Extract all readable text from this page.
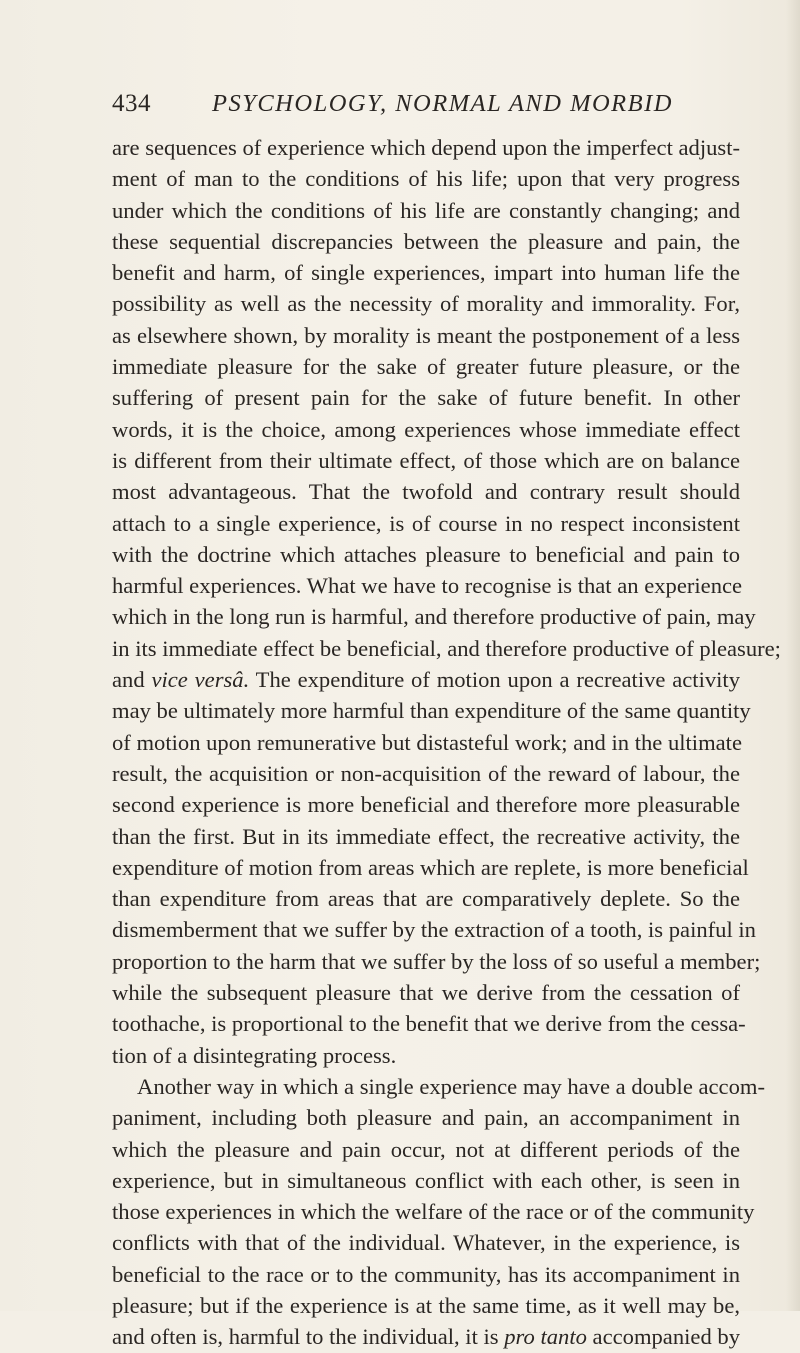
434 PSYCHOLOGY, NORMAL AND MORBID
are sequences of experience which depend upon the imperfect adjust-
ment of man to the conditions of his life; upon that very progress
under which the conditions of his life are constantly changing; and
these sequential discrepancies between the pleasure and pain, the
benefit and harm, of single experiences, impart into human life the
possibility as well as the necessity of morality and immorality. For,
as elsewhere shown, by morality is meant the postponement of a less
immediate pleasure for the sake of greater future pleasure, or the
suffering of present pain for the sake of future benefit. In other
words, it is the choice, among experiences whose immediate effect
is different from their ultimate effect, of those which are on balance
most advantageous. That the twofold and contrary result should
attach to a single experience, is of course in no respect inconsistent
with the doctrine which attaches pleasure to beneficial and pain to
harmful experiences. What we have to recognise is that an experience
which in the long run is harmful, and therefore productive of pain, may
in its immediate effect be beneficial, and therefore productive of pleasure;
and vice versâ. The expenditure of motion upon a recreative activity
may be ultimately more harmful than expenditure of the same quantity
of motion upon remunerative but distasteful work; and in the ultimate
result, the acquisition or non-acquisition of the reward of labour, the
second experience is more beneficial and therefore more pleasurable
than the first. But in its immediate effect, the recreative activity, the
expenditure of motion from areas which are replete, is more beneficial
than expenditure from areas that are comparatively deplete. So the
dismemberment that we suffer by the extraction of a tooth, is painful in
proportion to the harm that we suffer by the loss of so useful a member;
while the subsequent pleasure that we derive from the cessation of
toothache, is proportional to the benefit that we derive from the cessa-
tion of a disintegrating process.
Another way in which a single experience may have a double accom-
paniment, including both pleasure and pain, an accompaniment in
which the pleasure and pain occur, not at different periods of the
experience, but in simultaneous conflict with each other, is seen in
those experiences in which the welfare of the race or of the community
conflicts with that of the individual. Whatever, in the experience, is
beneficial to the race or to the community, has its accompaniment in
pleasure; but if the experience is at the same time, as it well may be,
and often is, harmful to the individual, it is pro tanto accompanied by
